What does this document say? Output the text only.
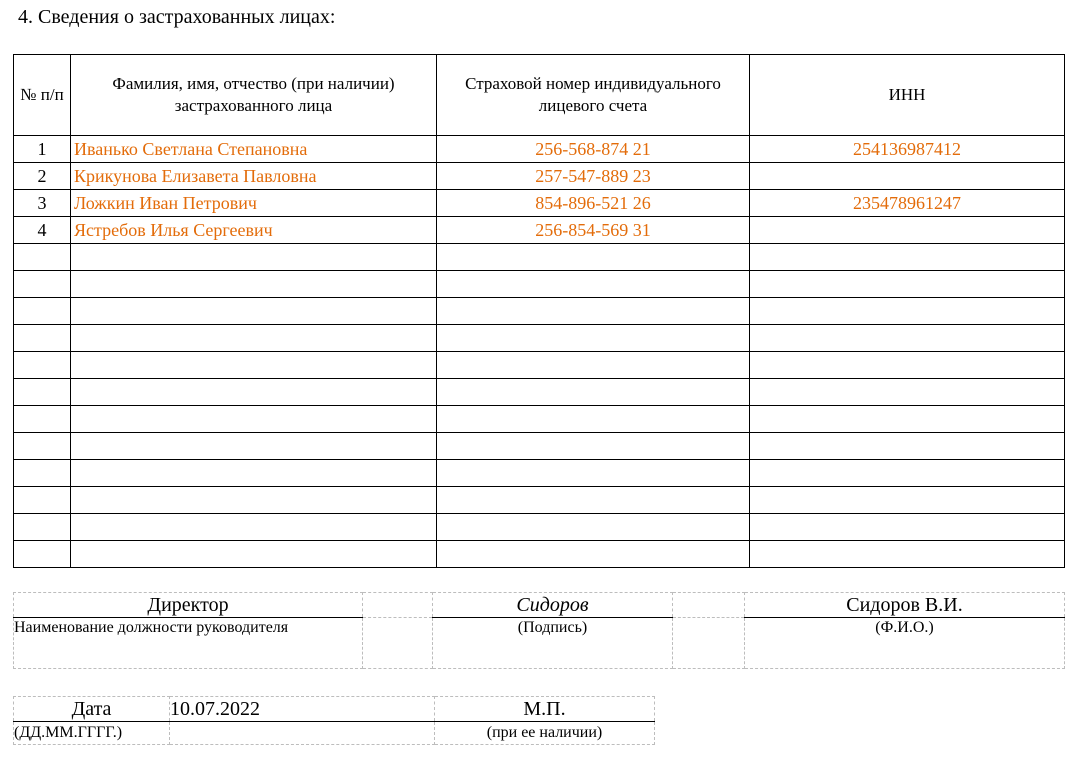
4. Сведения о застрахованных лицах:
№ п/п	Фамилия, имя, отчество (при наличии) застрахованного лица	Страховой номер индивидуального лицевого счета	ИНН
1	Иванько Светлана Степановна	256-568-874 21	254136987412
2	Крикунова Елизавета Павловна	257-547-889 23	
3	Ложкин Иван Петрович	854-896-521 26	235478961247
4	Ястребов Илья Сергеевич	256-854-569 31	

Директор		Сидоров		Сидоров В.И.
Наименование должности руководителя		(Подпись)		(Ф.И.О.)
Дата	10.07.2022	М.П.
(ДД.ММ.ГГГГ.)		(при ее наличии)
